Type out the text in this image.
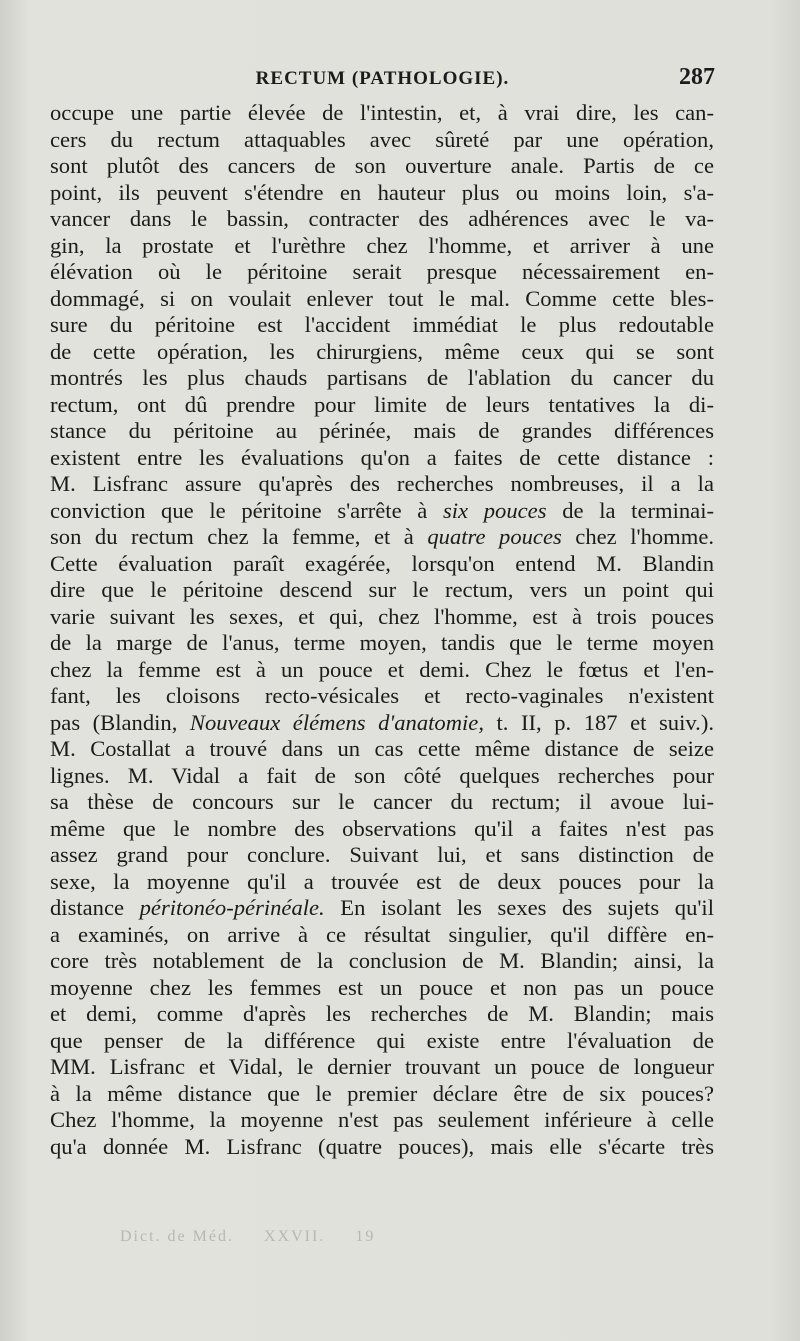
RECTUM (PATHOLOGIE).	287
occupe une partie élevée de l'intestin, et, à vrai dire, les can-
cers du rectum attaquables avec sûreté par une opération,
sont plutôt des cancers de son ouverture anale. Partis de ce
point, ils peuvent s'étendre en hauteur plus ou moins loin, s'a-
vancer dans le bassin, contracter des adhérences avec le va-
gin, la prostate et l'urèthre chez l'homme, et arriver à une
élévation où le péritoine serait presque nécessairement en-
dommagé, si on voulait enlever tout le mal. Comme cette bles-
sure du péritoine est l'accident immédiat le plus redoutable
de cette opération, les chirurgiens, même ceux qui se sont
montrés les plus chauds partisans de l'ablation du cancer du
rectum, ont dû prendre pour limite de leurs tentatives la di-
stance du péritoine au périnée, mais de grandes différences
existent entre les évaluations qu'on a faites de cette distance :
M. Lisfranc assure qu'après des recherches nombreuses, il a la
conviction que le péritoine s'arrête à six pouces de la terminai-
son du rectum chez la femme, et à quatre pouces chez l'homme.
Cette évaluation paraît exagérée, lorsqu'on entend M. Blandin
dire que le péritoine descend sur le rectum, vers un point qui
varie suivant les sexes, et qui, chez l'homme, est à trois pouces
de la marge de l'anus, terme moyen, tandis que le terme moyen
chez la femme est à un pouce et demi. Chez le fœtus et l'en-
fant, les cloisons recto-vésicales et recto-vaginales n'existent
pas (Blandin, Nouveaux élémens d'anatomie, t. II, p. 187 et suiv.).
M. Costallat a trouvé dans un cas cette même distance de seize
lignes. M. Vidal a fait de son côté quelques recherches pour
sa thèse de concours sur le cancer du rectum; il avoue lui-
même que le nombre des observations qu'il a faites n'est pas
assez grand pour conclure. Suivant lui, et sans distinction de
sexe, la moyenne qu'il a trouvée est de deux pouces pour la
distance péritonéo-périnéale. En isolant les sexes des sujets qu'il
a examinés, on arrive à ce résultat singulier, qu'il diffère en-
core très notablement de la conclusion de M. Blandin; ainsi, la
moyenne chez les femmes est un pouce et non pas un pouce
et demi, comme d'après les recherches de M. Blandin; mais
que penser de la différence qui existe entre l'évaluation de
MM. Lisfranc et Vidal, le dernier trouvant un pouce de longueur
à la même distance que le premier déclare être de six pouces?
Chez l'homme, la moyenne n'est pas seulement inférieure à celle
qu'a donnée M. Lisfranc (quatre pouces), mais elle s'écarte très
Dict. de Méd. XXVII. 19
